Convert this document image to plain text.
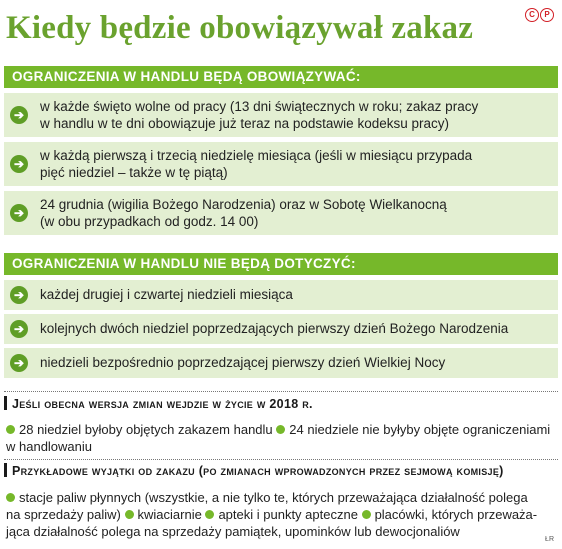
Kiedy będzie obowiązywał zakaz	C	P
OGRANICZENIA W HANDLU BĘDĄ OBOWIĄZYWAĆ:
➔
w każde święto wolne od pracy (13 dni świątecznych w roku; zakaz pracy
w handlu w te dni obowiązuje już teraz na podstawie kodeksu pracy)
➔
w każdą pierwszą i trzecią niedzielę miesiąca (jeśli w miesiącu przypada
pięć niedziel – także w tę piątą)
➔
24 grudnia (wigilia Bożego Narodzenia) oraz w Sobotę Wielkanocną
(w obu przypadkach od godz. 14 00)
OGRANICZENIA W HANDLU NIE BĘDĄ DOTYCZYĆ:
➔ każdej drugiej i czwartej niedzieli miesiąca
➔ kolejnych dwóch niedziel poprzedzających pierwszy dzień Bożego Narodzenia
➔ niedzieli bezpośrednio poprzedzającej pierwszy dzień Wielkiej Nocy
Jeśli obecna wersja zmian wejdzie w życie w 2018 r.
28 niedziel byłoby objętych zakazem handlu 24 niedziele nie byłyby objęte ograniczeniami
w handlowaniu
Przykładowe wyjątki od zakazu (po zmianach wprowadzonych przez sejmową komisję)
stacje paliw płynnych (wszystkie, a nie tylko te, których przeważająca działalność polega
na sprzedaży paliw) kwiaciarnie apteki i punkty apteczne placówki, których przeważa-
jąca działalność polega na sprzedaży pamiątek, upominków lub dewocjonaliów
ŁR
